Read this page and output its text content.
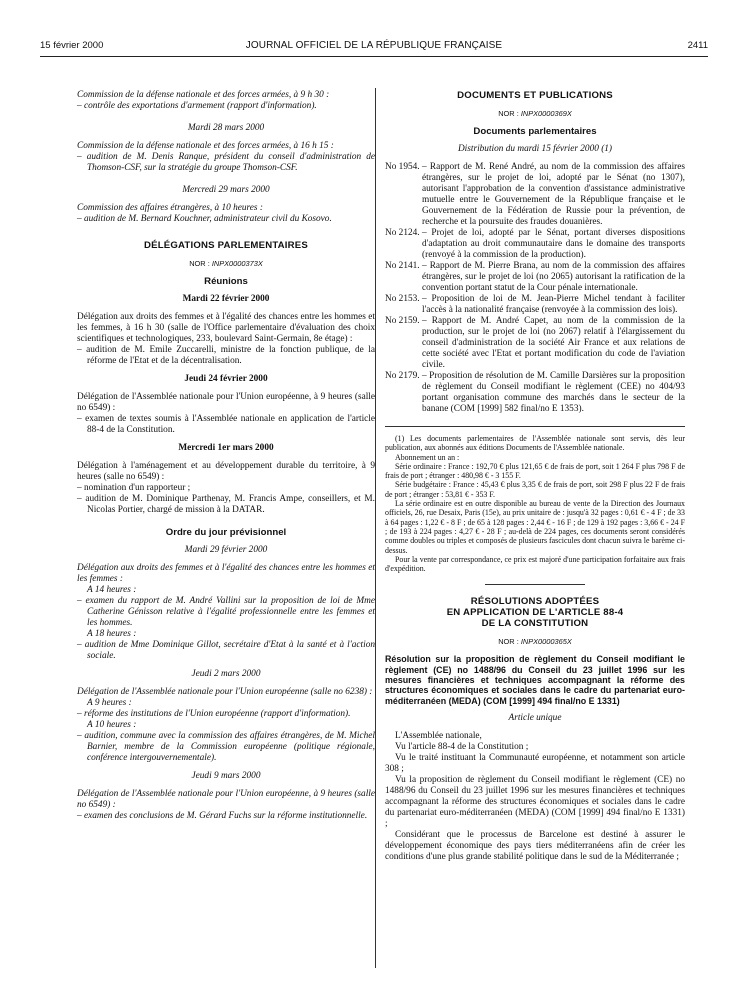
15 février 2000	JOURNAL OFFICIEL DE LA RÉPUBLIQUE FRANÇAISE	2411

Commission de la défense nationale et des forces armées, à 9 h 30 :

– contrôle des exportations d'armement (rapport d'information).

Mardi 28 mars 2000

Commission de la défense nationale et des forces armées, à 16 h 15 :

– audition de M. Denis Ranque, président du conseil d'administration de Thomson-CSF, sur la stratégie du groupe Thomson-CSF.

Mercredi 29 mars 2000

Commission des affaires étrangères, à 10 heures :

– audition de M. Bernard Kouchner, administrateur civil du Kosovo.

DÉLÉGATIONS PARLEMENTAIRES

NOR : INPX0000373X

Réunions

Mardi 22 février 2000

Délégation aux droits des femmes et à l'égalité des chances entre les hommes et les femmes, à 16 h 30 (salle de l'Office parlementaire d'évaluation des choix scientifiques et technologiques, 233, boulevard Saint-Germain, 8e étage) :

– audition de M. Emile Zuccarelli, ministre de la fonction publique, de la réforme de l'Etat et de la décentralisation.

Jeudi 24 février 2000

Délégation de l'Assemblée nationale pour l'Union européenne, à 9 heures (salle no 6549) :

– examen de textes soumis à l'Assemblée nationale en application de l'article 88-4 de la Constitution.

Mercredi 1er mars 2000

Délégation à l'aménagement et au développement durable du territoire, à 9 heures (salle no 6549) :

– nomination d'un rapporteur ;

– audition de M. Dominique Parthenay, M. Francis Ampe, conseillers, et M. Nicolas Portier, chargé de mission à la DATAR.

Ordre du jour prévisionnel

Mardi 29 février 2000

Délégation aux droits des femmes et à l'égalité des chances entre les hommes et les femmes :

A 14 heures :

– examen du rapport de M. André Vallini sur la proposition de loi de Mme Catherine Génisson relative à l'égalité professionnelle entre les femmes et les hommes.

A 18 heures :

– audition de Mme Dominique Gillot, secrétaire d'Etat à la santé et à l'action sociale.

Jeudi 2 mars 2000

Délégation de l'Assemblée nationale pour l'Union européenne (salle no 6238) :

A 9 heures :

– réforme des institutions de l'Union européenne (rapport d'information).

A 10 heures :

– audition, commune avec la commission des affaires étrangères, de M. Michel Barnier, membre de la Commission européenne (politique régionale, conférence intergouvernementale).

Jeudi 9 mars 2000

Délégation de l'Assemblée nationale pour l'Union européenne, à 9 heures (salle no 6549) :

– examen des conclusions de M. Gérard Fuchs sur la réforme institutionnelle.

DOCUMENTS ET PUBLICATIONS

NOR : INPX0000369X

Documents parlementaires

Distribution du mardi 15 février 2000 (1)

No 1954. – Rapport de M. René André, au nom de la commission des affaires étrangères, sur le projet de loi, adopté par le Sénat (no 1307), autorisant l'approbation de la convention d'assistance administrative mutuelle entre le Gouvernement de la République française et le Gouvernement de la Fédération de Russie pour la prévention, de recherche et la poursuite des fraudes douanières.
No 2124. – Projet de loi, adopté par le Sénat, portant diverses dispositions d'adaptation au droit communautaire dans le domaine des transports (renvoyé à la commission de la production).
No 2141. – Rapport de M. Pierre Brana, au nom de la commission des affaires étrangères, sur le projet de loi (no 2065) autorisant la ratification de la convention portant statut de la Cour pénale internationale.
No 2153. – Proposition de loi de M. Jean-Pierre Michel tendant à faciliter l'accès à la nationalité française (renvoyée à la commission des lois).
No 2159. – Rapport de M. André Capet, au nom de la commission de la production, sur le projet de loi (no 2067) relatif à l'élargissement du conseil d'administration de la société Air France et aux relations de cette société avec l'Etat et portant modification du code de l'aviation civile.
No 2179. – Proposition de résolution de M. Camille Darsières sur la proposition de règlement du Conseil modifiant le règlement (CEE) no 404/93 portant organisation commune des marchés dans le secteur de la banane (COM [1999] 582 final/no E 1353).

(1) Les documents parlementaires de l'Assemblée nationale sont servis, dès leur publication, aux abonnés aux éditions Documents de l'Assemblée nationale.

Abonnement un an :

Série ordinaire : France : 192,70 € plus 121,65 € de frais de port, soit 1 264 F plus 798 F de frais de port ; étranger : 480,98 € - 3 155 F.

Série budgétaire : France : 45,43 € plus 3,35 € de frais de port, soit 298 F plus 22 F de frais de port ; étranger : 53,81 € - 353 F.

La série ordinaire est en outre disponible au bureau de vente de la Direction des Journaux officiels, 26, rue Desaix, Paris (15e), au prix unitaire de : jusqu'à 32 pages : 0,61 € - 4 F ; de 33 à 64 pages : 1,22 € - 8 F ; de 65 à 128 pages : 2,44 € - 16 F ; de 129 à 192 pages : 3,66 € - 24 F ; de 193 à 224 pages : 4,27 € - 28 F ; au-delà de 224 pages, ces documents seront considérés comme doubles ou triples et composés de plusieurs fascicules dont chacun suivra le barème ci-dessus.

Pour la vente par correspondance, ce prix est majoré d'une participation forfaitaire aux frais d'expédition.

RÉSOLUTIONS ADOPTÉES

EN APPLICATION DE L'ARTICLE 88-4

DE LA CONSTITUTION

NOR : INPX0000365X

Résolution sur la proposition de règlement du Conseil modifiant le règlement (CE) no 1488/96 du Conseil du 23 juillet 1996 sur les mesures financières et techniques accompagnant la réforme des structures économiques et sociales dans le cadre du partenariat euro-méditerranéen (MEDA) (COM [1999] 494 final/no E 1331)

Article unique

L'Assemblée nationale,

Vu l'article 88-4 de la Constitution ;

Vu le traité instituant la Communauté européenne, et notamment son article 308 ;

Vu la proposition de règlement du Conseil modifiant le règlement (CE) no 1488/96 du Conseil du 23 juillet 1996 sur les mesures financières et techniques accompagnant la réforme des structures économiques et sociales dans le cadre du partenariat euro-méditerranéen (MEDA) (COM [1999] 494 final/no E 1331) ;

Considérant que le processus de Barcelone est destiné à assurer le développement économique des pays tiers méditerranéens afin de créer les conditions d'une plus grande stabilité politique dans le sud de la Méditerranée ;
